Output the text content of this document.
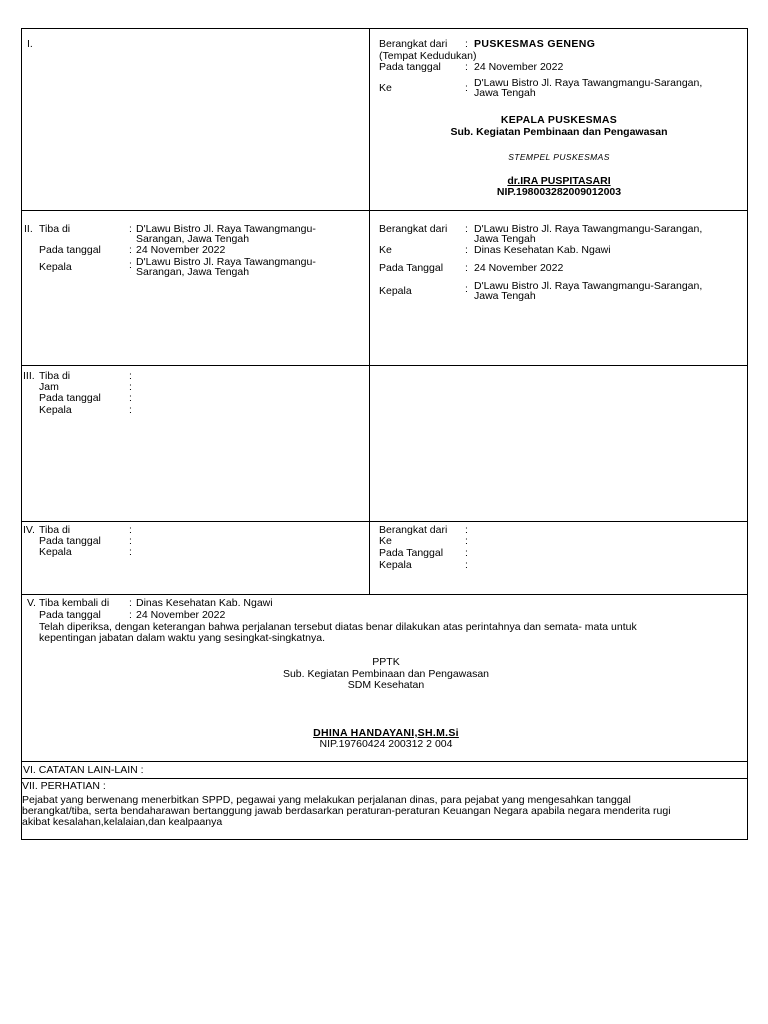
I.	Berangkat dari : PUSKESMAS GENENG
(Tempat Kedudukan)
Pada tanggal : 24 November 2022
Ke	: D'Lawu Bistro Jl. Raya Tawangmangu-Sarangan,
Jawa Tengah
KEPALA PUSKESMAS
Sub. Kegiatan Pembinaan dan Pengawasan
STEMPEL PUSKESMAS
dr.IRA PUSPITASARI
NIP.198003282009012003
II. Tiba di	: D'Lawu Bistro Jl. Raya Tawangmangu-
Sarangan, Jawa Tengah
Pada tanggal	: 24 November 2022
Kepala	: D'Lawu Bistro Jl. Raya Tawangmangu-
Sarangan, Jawa Tengah
Berangkat dari : D'Lawu Bistro Jl. Raya Tawangmangu-Sarangan,
Jawa Tengah
Ke	: Dinas Kesehatan Kab. Ngawi
Pada Tanggal : 24 November 2022
Kepala	: D'Lawu Bistro Jl. Raya Tawangmangu-Sarangan,
Jawa Tengah
III. Tiba di	:
Jam	:
Pada tanggal	:
Kepala	:
IV. Tiba di	:
Pada tanggal	:
Kepala	:
Berangkat dari :
Ke	:
Pada Tanggal :
Kepala	:
V. Tiba kembali di : Dinas Kesehatan Kab. Ngawi
Pada tanggal	: 24 November 2022
Telah diperiksa, dengan keterangan bahwa perjalanan tersebut diatas benar dilakukan atas perintahnya dan semata- mata untuk
kepentingan jabatan dalam waktu yang sesingkat-singkatnya.
PPTK
Sub. Kegiatan Pembinaan dan Pengawasan
SDM Kesehatan
DHINA HANDAYANI,SH.M.Si
NIP.19760424 200312 2 004
VI. CATATAN LAIN-LAIN :
VII. PERHATIAN :
Pejabat yang berwenang menerbitkan SPPD, pegawai yang melakukan perjalanan dinas, para pejabat yang mengesahkan tanggal
berangkat/tiba, serta bendaharawan bertanggung jawab berdasarkan peraturan-peraturan Keuangan Negara apabila negara menderita rugi
akibat kesalahan,kelalaian,dan kealpaanya
